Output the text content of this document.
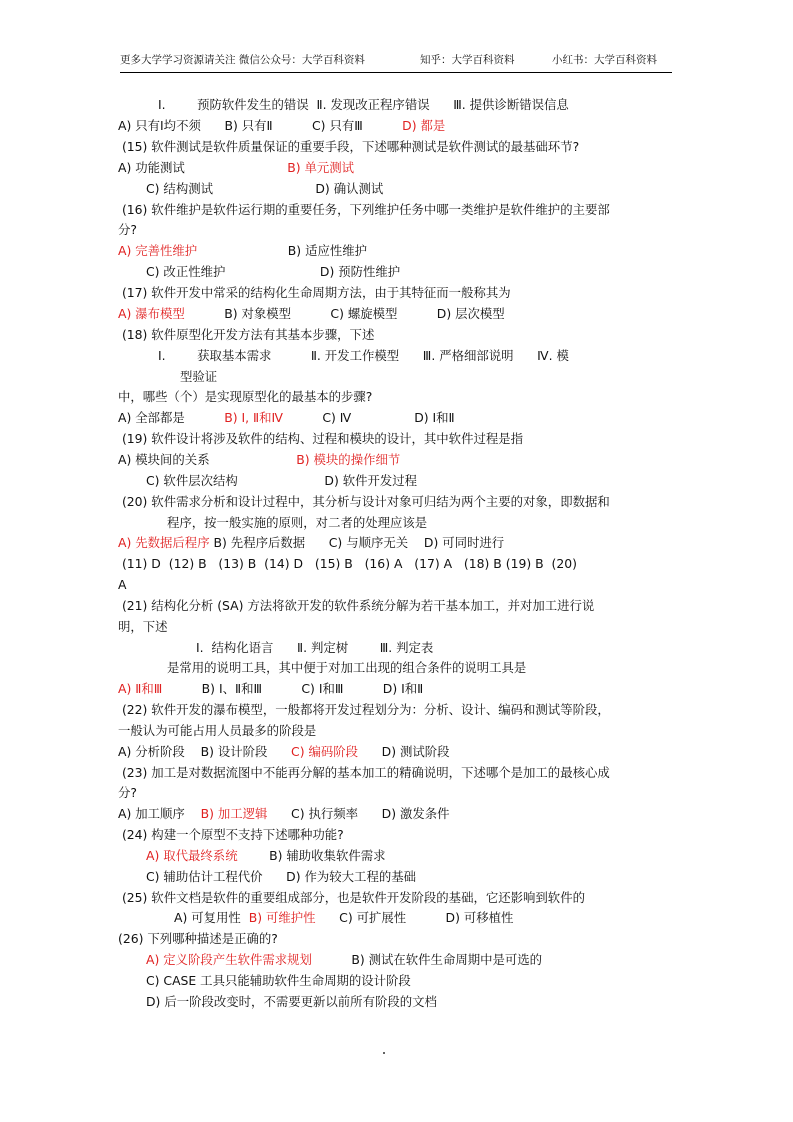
更多大学学习资源请关注 微信公众号：大学百科资料	知乎：大学百科资料	小红书：大学百科资料
Ⅰ.        预防软件发生的错误  Ⅱ. 发现改正程序错误      Ⅲ. 提供诊断错误信息
A) 只有Ⅰ均不须      B) 只有Ⅱ          C) 只有Ⅲ          D) 都是
(15) 软件测试是软件质量保证的重要手段，下述哪种测试是软件测试的最基础环节?
A) 功能测试                          B) 单元测试
C) 结构测试                          D) 确认测试
(16) 软件维护是软件运行期的重要任务，下列维护任务中哪一类维护是软件维护的主要部
分?
A) 完善性维护                       B) 适应性维护
C) 改正性维护                        D) 预防性维护
(17) 软件开发中常采的结构化生命周期方法，由于其特征而一般称其为
A) 瀑布模型          B) 对象模型          C) 螺旋模型          D) 层次模型
(18) 软件原型化开发方法有其基本步骤，下述
Ⅰ.        获取基本需求          Ⅱ. 开发工作模型      Ⅲ. 严格细部说明      Ⅳ. 模
型验证
中，哪些（个）是实现原型化的最基本的步骤?
A) 全部都是          B) Ⅰ, Ⅱ和Ⅳ          C) Ⅳ                D) Ⅰ和Ⅱ
(19) 软件设计将涉及软件的结构、过程和模块的设计，其中软件过程是指
A) 模块间的关系                      B) 模块的操作细节
C) 软件层次结构                      D) 软件开发过程
(20) 软件需求分析和设计过程中，其分析与设计对象可归结为两个主要的对象，即数据和
程序，按一般实施的原则，对二者的处理应该是
A) 先数据后程序 B) 先程序后数据      C) 与顺序无关    D) 可同时进行
(11) D  (12) B   (13) B  (14) D   (15) B   (16) A   (17) A   (18) B (19) B  (20)
A
(21) 结构化分析 (SA) 方法将欲开发的软件系统分解为若干基本加工，并对加工进行说
明，下述
Ⅰ.  结构化语言      Ⅱ. 判定树        Ⅲ. 判定表
是常用的说明工具，其中便于对加工出现的组合条件的说明工具是
A) Ⅱ和Ⅲ          B) Ⅰ、Ⅱ和Ⅲ          C) Ⅰ和Ⅲ          D) Ⅰ和Ⅱ
(22) 软件开发的瀑布模型，一般都将开发过程划分为：分析、设计、编码和测试等阶段，
一般认为可能占用人员最多的阶段是
A) 分析阶段    B) 设计阶段      C) 编码阶段      D) 测试阶段
(23) 加工是对数据流图中不能再分解的基本加工的精确说明，下述哪个是加工的最核心成
分?
A) 加工顺序    B) 加工逻辑      C) 执行频率      D) 激发条件
(24) 构建一个原型不支持下述哪种功能?
A) 取代最终系统        B) 辅助收集软件需求
C) 辅助估计工程代价      D) 作为较大工程的基础
(25) 软件文档是软件的重要组成部分，也是软件开发阶段的基础，它还影响到软件的
A) 可复用性  B) 可维护性      C) 可扩展性          D) 可移植性
(26) 下列哪种描述是正确的?
A) 定义阶段产生软件需求规划          B) 测试在软件生命周期中是可选的
C) CASE 工具只能辅助软件生命周期的设计阶段
D) 后一阶段改变时，不需要更新以前所有阶段的文档
